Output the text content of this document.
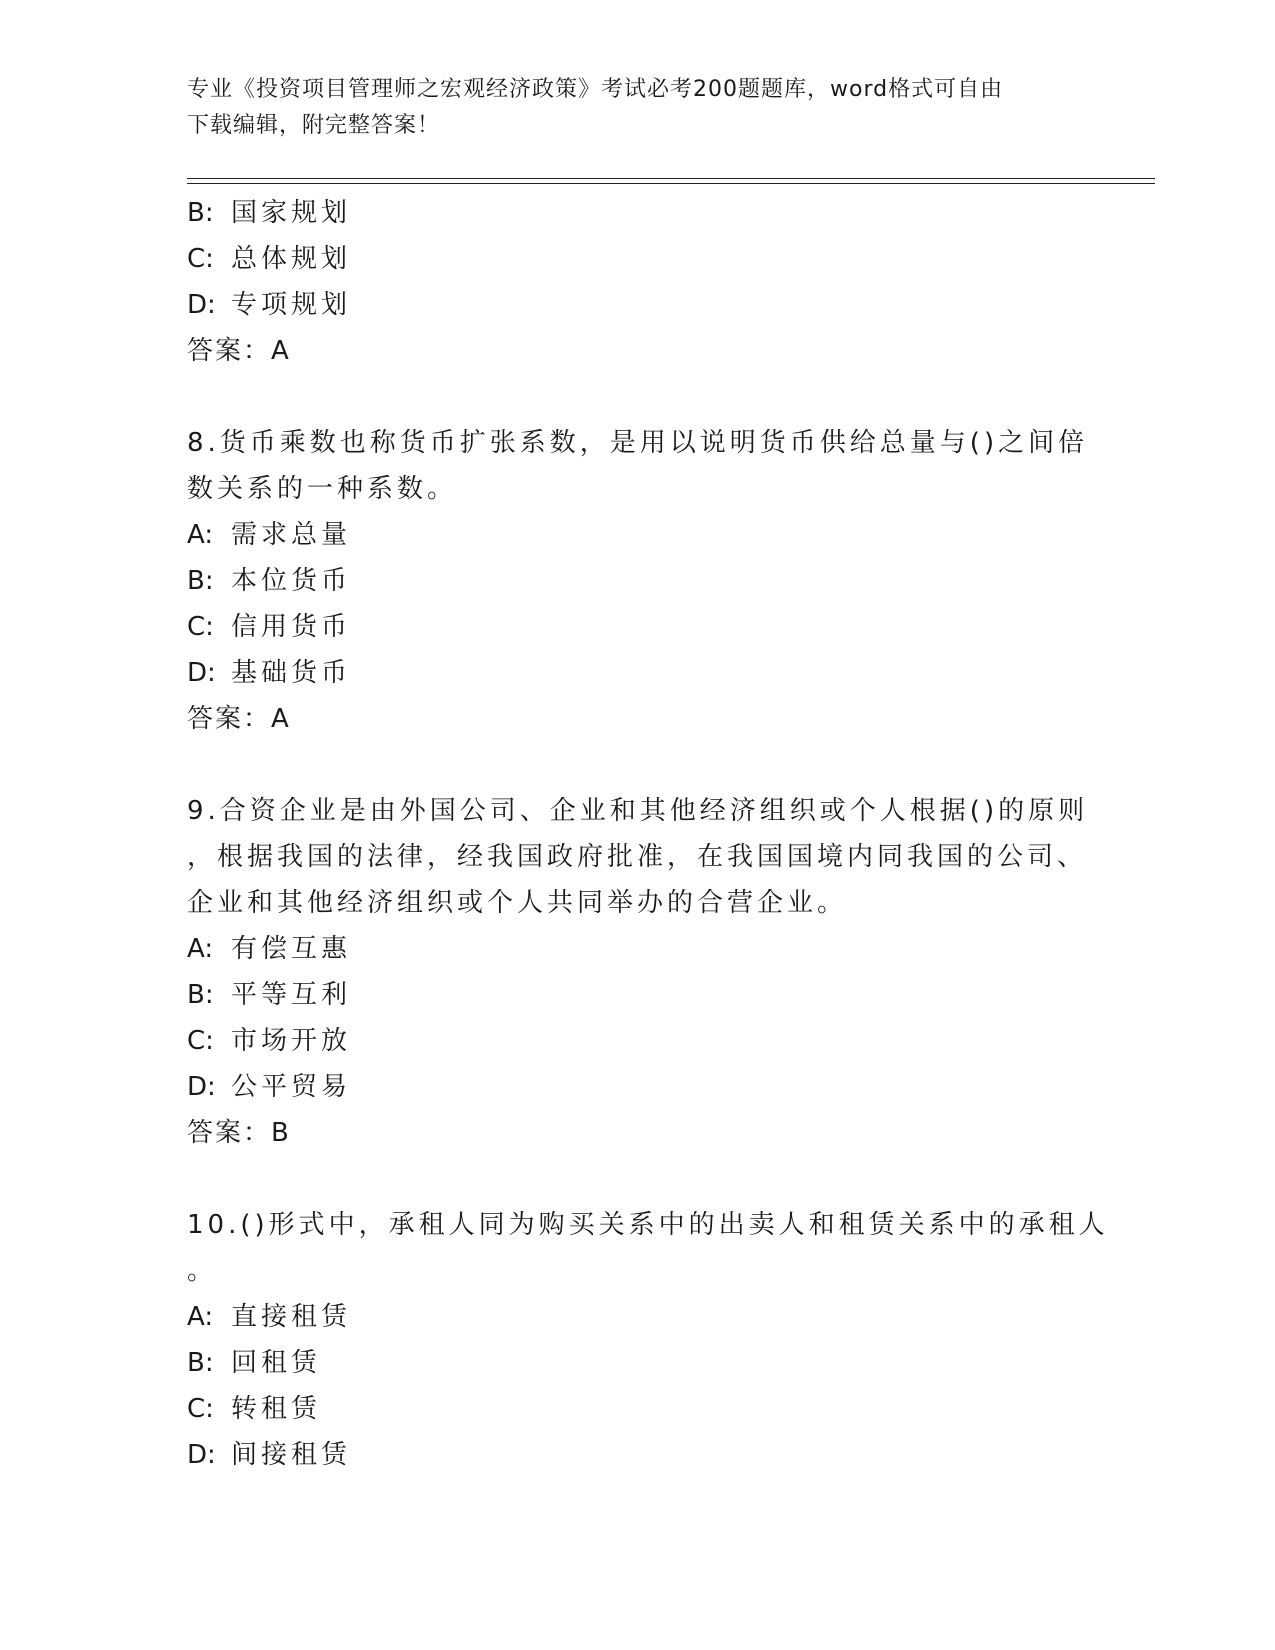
专业《投资项目管理师之宏观经济政策》考试必考200题题库，word格式可自由
下载编辑，附完整答案！
B: 国家规划
C: 总体规划
D: 专项规划
答案：A
8.货币乘数也称货币扩张系数，是用以说明货币供给总量与()之间倍
数关系的一种系数。
A: 需求总量
B: 本位货币
C: 信用货币
D: 基础货币
答案：A
9.合资企业是由外国公司、企业和其他经济组织或个人根据()的原则
，根据我国的法律，经我国政府批准，在我国国境内同我国的公司、
企业和其他经济组织或个人共同举办的合营企业。
A: 有偿互惠
B: 平等互利
C: 市场开放
D: 公平贸易
答案：B
10.()形式中，承租人同为购买关系中的出卖人和租赁关系中的承租人
。
A: 直接租赁
B: 回租赁
C: 转租赁
D: 间接租赁
